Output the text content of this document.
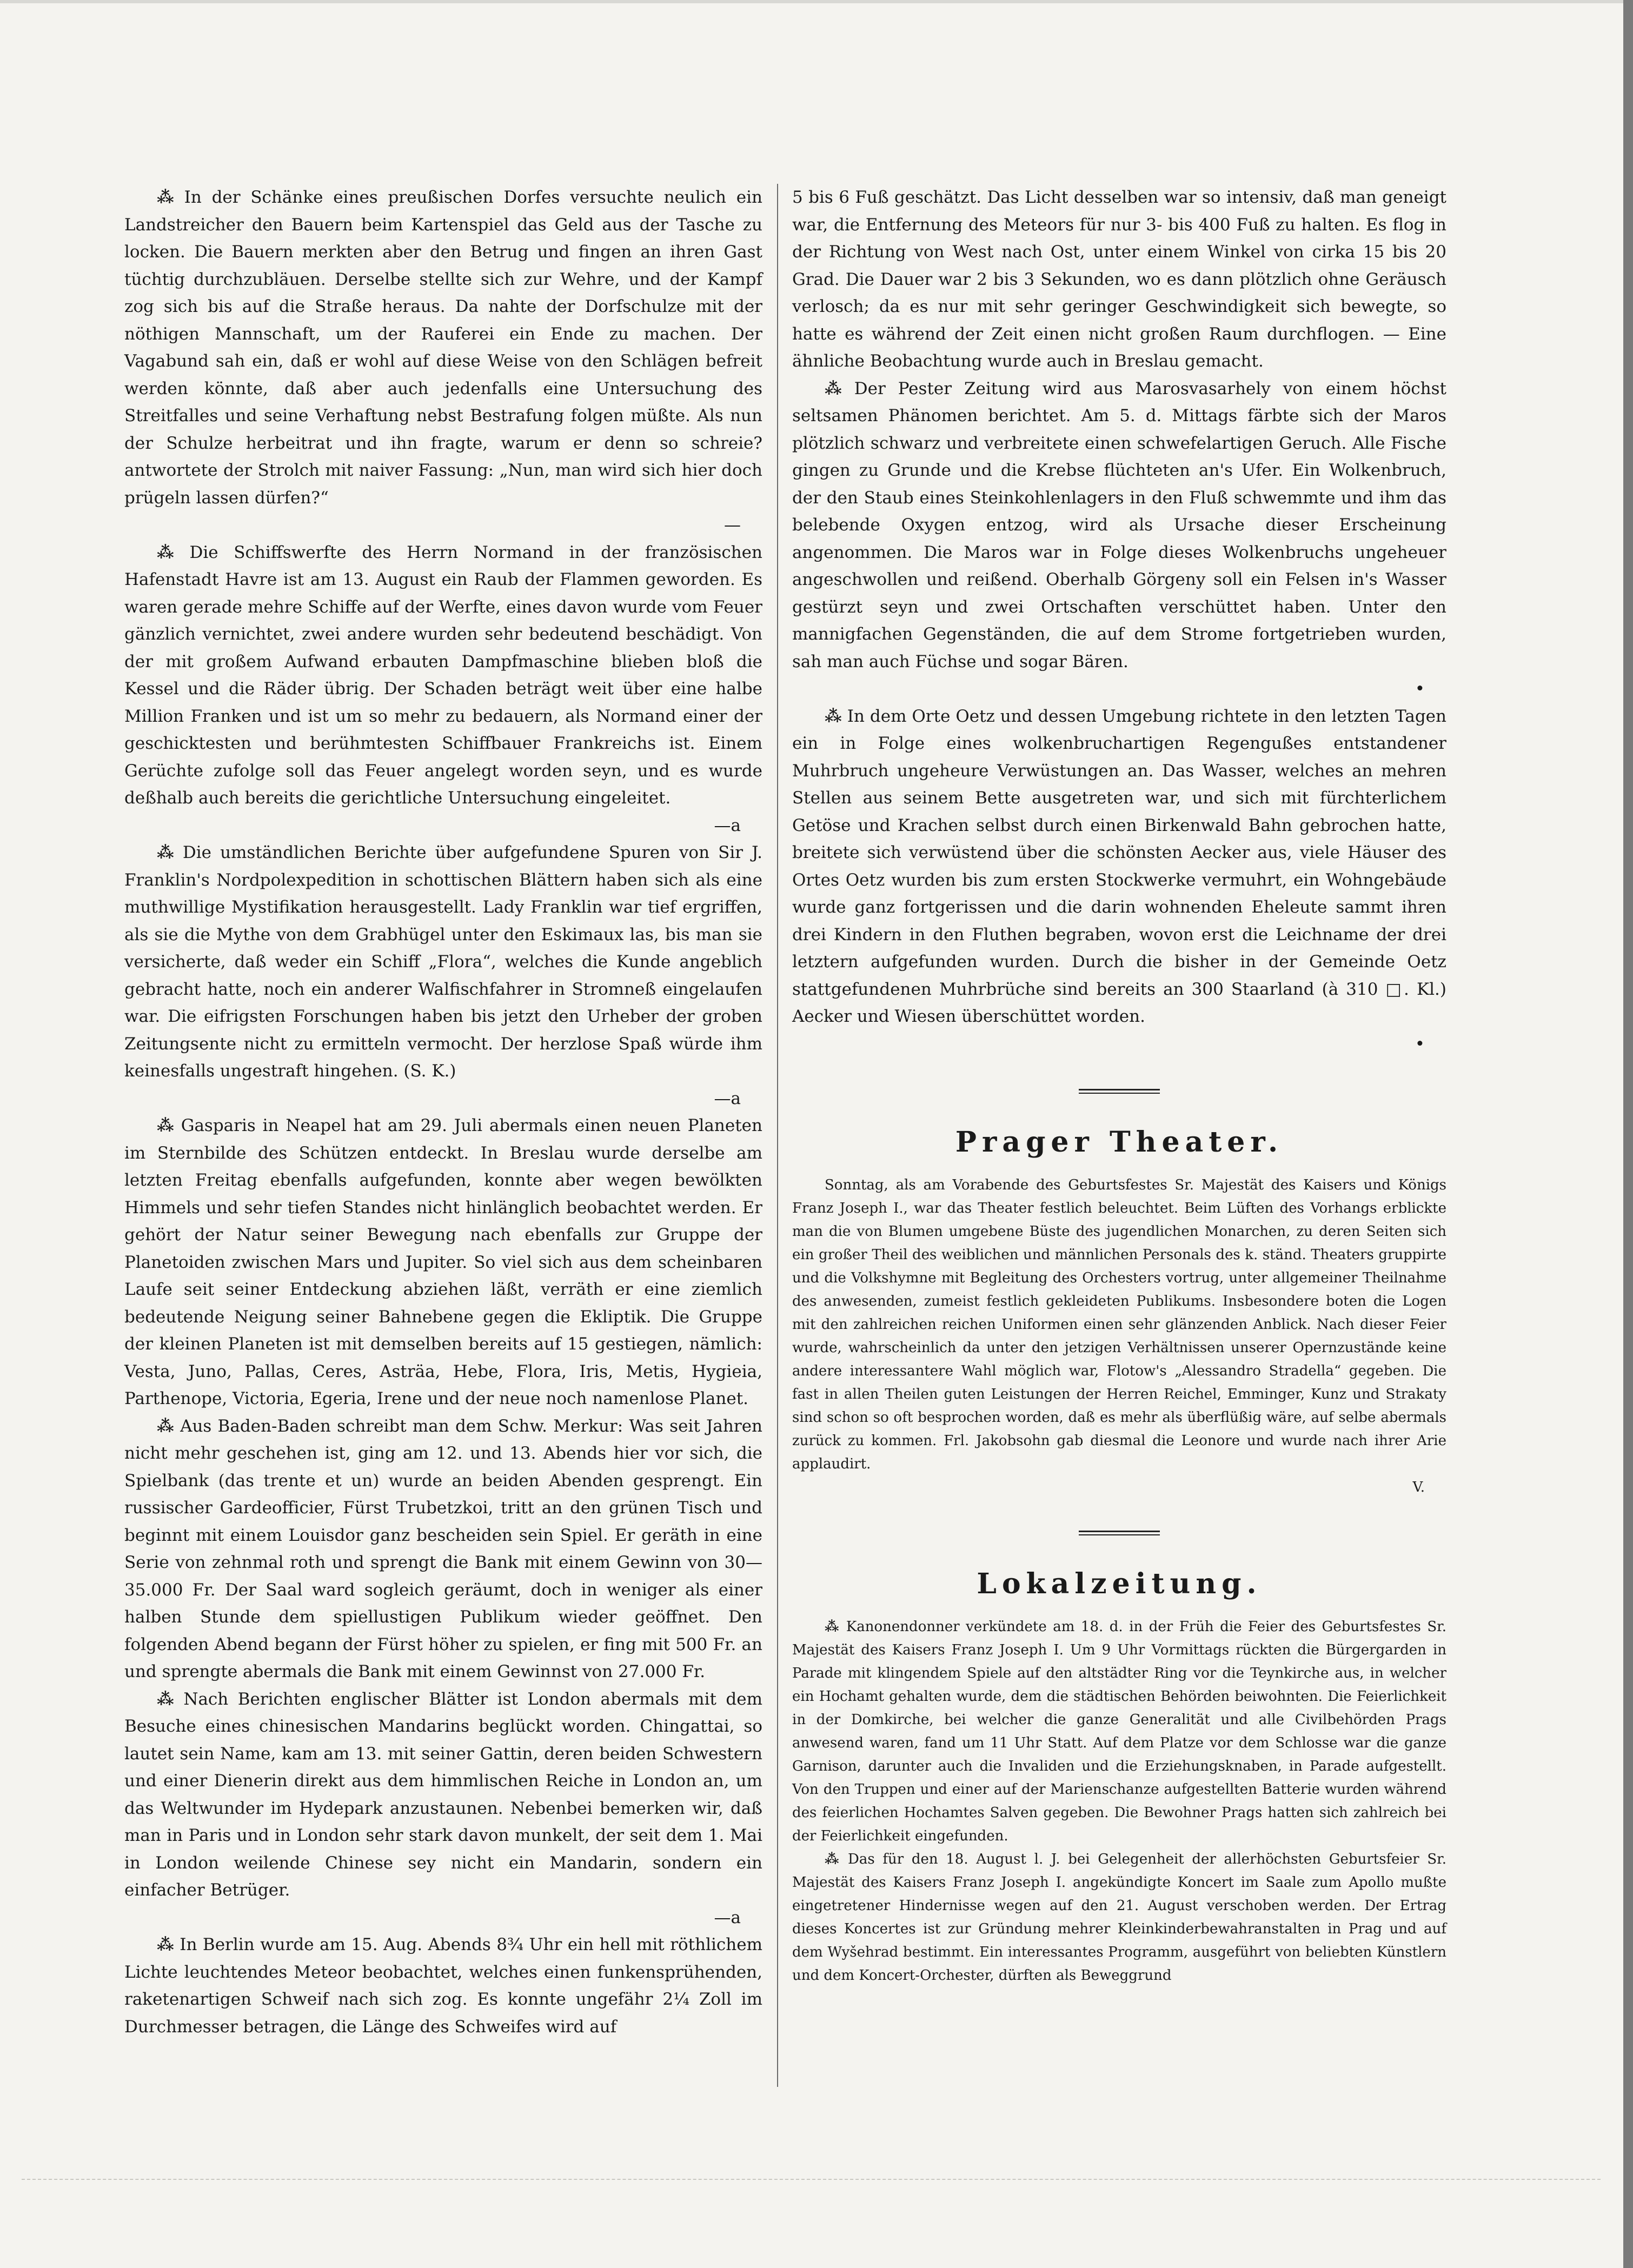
⁂ In der Schänke eines preußischen Dorfes versuchte neulich ein Landstreicher den Bauern beim Kartenspiel das Geld aus der Tasche zu locken. Die Bauern merkten aber den Betrug und fingen an ihren Gast tüchtig durchzubläuen. Derselbe stellte sich zur Wehre, und der Kampf zog sich bis auf die Straße heraus. Da nahte der Dorfschulze mit der nöthigen Mannschaft, um der Rauferei ein Ende zu machen. Der Vagabund sah ein, daß er wohl auf diese Weise von den Schlägen befreit werden könnte, daß aber auch jedenfalls eine Untersuchung des Streitfalles und seine Verhaftung nebst Bestrafung folgen müßte. Als nun der Schulze herbeitrat und ihn fragte, warum er denn so schreie? antwortete der Strolch mit naiver Fassung: „Nun, man wird sich hier doch prügeln lassen dürfen?“
—

⁂ Die Schiffswerfte des Herrn Normand in der französischen Hafenstadt Havre ist am 13. August ein Raub der Flammen geworden. Es waren gerade mehre Schiffe auf der Werfte, eines davon wurde vom Feuer gänzlich vernichtet, zwei andere wurden sehr bedeutend beschädigt. Von der mit großem Aufwand erbauten Dampfmaschine blieben bloß die Kessel und die Räder übrig. Der Schaden beträgt weit über eine halbe Million Franken und ist um so mehr zu bedauern, als Normand einer der geschicktesten und berühmtesten Schiffbauer Frankreichs ist. Einem Gerüchte zufolge soll das Feuer angelegt worden seyn, und es wurde deßhalb auch bereits die gerichtliche Untersuchung eingeleitet.
—a

⁂ Die umständlichen Berichte über aufgefundene Spuren von Sir J. Franklin's Nordpolexpedition in schottischen Blättern haben sich als eine muthwillige Mystifikation herausgestellt. Lady Franklin war tief ergriffen, als sie die Mythe von dem Grabhügel unter den Eskimaux las, bis man sie versicherte, daß weder ein Schiff „Flora“, welches die Kunde angeblich gebracht hatte, noch ein anderer Walfischfahrer in Stromneß eingelaufen war. Die eifrigsten Forschungen haben bis jetzt den Urheber der groben Zeitungsente nicht zu ermitteln vermocht. Der herzlose Spaß würde ihm keinesfalls ungestraft hingehen. (S. K.)
—a

⁂ Gasparis in Neapel hat am 29. Juli abermals einen neuen Planeten im Sternbilde des Schützen entdeckt. In Breslau wurde derselbe am letzten Freitag ebenfalls aufgefunden, konnte aber wegen bewölkten Himmels und sehr tiefen Standes nicht hinlänglich beobachtet werden. Er gehört der Natur seiner Bewegung nach ebenfalls zur Gruppe der Planetoiden zwischen Mars und Jupiter. So viel sich aus dem scheinbaren Laufe seit seiner Entdeckung abziehen läßt, verräth er eine ziemlich bedeutende Neigung seiner Bahnebene gegen die Ekliptik. Die Gruppe der kleinen Planeten ist mit demselben bereits auf 15 gestiegen, nämlich: Vesta, Juno, Pallas, Ceres, Asträa, Hebe, Flora, Iris, Metis, Hygieia, Parthenope, Victoria, Egeria, Irene und der neue noch namenlose Planet.

⁂ Aus Baden-Baden schreibt man dem Schw. Merkur: Was seit Jahren nicht mehr geschehen ist, ging am 12. und 13. Abends hier vor sich, die Spielbank (das trente et un) wurde an beiden Abenden gesprengt. Ein russischer Gardeofficier, Fürst Trubetzkoi, tritt an den grünen Tisch und beginnt mit einem Louisdor ganz bescheiden sein Spiel. Er geräth in eine Serie von zehnmal roth und sprengt die Bank mit einem Gewinn von 30—35.000 Fr. Der Saal ward sogleich geräumt, doch in weniger als einer halben Stunde dem spiellustigen Publikum wieder geöffnet. Den folgenden Abend begann der Fürst höher zu spielen, er fing mit 500 Fr. an und sprengte abermals die Bank mit einem Gewinnst von 27.000 Fr.

⁂ Nach Berichten englischer Blätter ist London abermals mit dem Besuche eines chinesischen Mandarins beglückt worden. Chingattai, so lautet sein Name, kam am 13. mit seiner Gattin, deren beiden Schwestern und einer Dienerin direkt aus dem himmlischen Reiche in London an, um das Weltwunder im Hydepark anzustaunen. Nebenbei bemerken wir, daß man in Paris und in London sehr stark davon munkelt, der seit dem 1. Mai in London weilende Chinese sey nicht ein Mandarin, sondern ein einfacher Betrüger.
—a

⁂ In Berlin wurde am 15. Aug. Abends 8¾ Uhr ein hell mit röthlichem Lichte leuchtendes Meteor beobachtet, welches einen funkensprühenden, raketenartigen Schweif nach sich zog. Es konnte ungefähr 2¼ Zoll im Durchmesser betragen, die Länge des Schweifes wird auf

5 bis 6 Fuß geschätzt. Das Licht desselben war so intensiv, daß man geneigt war, die Entfernung des Meteors für nur 3- bis 400 Fuß zu halten. Es flog in der Richtung von West nach Ost, unter einem Winkel von cirka 15 bis 20 Grad. Die Dauer war 2 bis 3 Sekunden, wo es dann plötzlich ohne Geräusch verlosch; da es nur mit sehr geringer Geschwindigkeit sich bewegte, so hatte es während der Zeit einen nicht großen Raum durchflogen. — Eine ähnliche Beobachtung wurde auch in Breslau gemacht.

⁂ Der Pester Zeitung wird aus Marosvasarhely von einem höchst seltsamen Phänomen berichtet. Am 5. d. Mittags färbte sich der Maros plötzlich schwarz und verbreitete einen schwefelartigen Geruch. Alle Fische gingen zu Grunde und die Krebse flüchteten an's Ufer. Ein Wolkenbruch, der den Staub eines Steinkohlenlagers in den Fluß schwemmte und ihm das belebende Oxygen entzog, wird als Ursache dieser Erscheinung angenommen. Die Maros war in Folge dieses Wolkenbruchs ungeheuer angeschwollen und reißend. Oberhalb Görgeny soll ein Felsen in's Wasser gestürzt seyn und zwei Ortschaften verschüttet haben. Unter den mannigfachen Gegenständen, die auf dem Strome fortgetrieben wurden, sah man auch Füchse und sogar Bären.
•

⁂ In dem Orte Oetz und dessen Umgebung richtete in den letzten Tagen ein in Folge eines wolkenbruchartigen Regengußes entstandener Muhrbruch ungeheure Verwüstungen an. Das Wasser, welches an mehren Stellen aus seinem Bette ausgetreten war, und sich mit fürchterlichem Getöse und Krachen selbst durch einen Birkenwald Bahn gebrochen hatte, breitete sich verwüstend über die schönsten Aecker aus, viele Häuser des Ortes Oetz wurden bis zum ersten Stockwerke vermuhrt, ein Wohngebäude wurde ganz fortgerissen und die darin wohnenden Eheleute sammt ihren drei Kindern in den Fluthen begraben, wovon erst die Leichname der drei letztern aufgefunden wurden. Durch die bisher in der Gemeinde Oetz stattgefundenen Muhrbrüche sind bereits an 300 Staarland (à 310 □. Kl.) Aecker und Wiesen überschüttet worden.
•

Prager Theater.

Sonntag, als am Vorabende des Geburtsfestes Sr. Majestät des Kaisers und Königs Franz Joseph I., war das Theater festlich beleuchtet. Beim Lüften des Vorhangs erblickte man die von Blumen umgebene Büste des jugendlichen Monarchen, zu deren Seiten sich ein großer Theil des weiblichen und männlichen Personals des k. ständ. Theaters gruppirte und die Volkshymne mit Begleitung des Orchesters vortrug, unter allgemeiner Theilnahme des anwesenden, zumeist festlich gekleideten Publikums. Insbesondere boten die Logen mit den zahlreichen reichen Uniformen einen sehr glänzenden Anblick. Nach dieser Feier wurde, wahrscheinlich da unter den jetzigen Verhältnissen unserer Opernzustände keine andere interessantere Wahl möglich war, Flotow's „Alessandro Stradella“ gegeben. Die fast in allen Theilen guten Leistungen der Herren Reichel, Emminger, Kunz und Strakaty sind schon so oft besprochen worden, daß es mehr als überflüßig wäre, auf selbe abermals zurück zu kommen. Frl. Jakobsohn gab diesmal die Leonore und wurde nach ihrer Arie applaudirt.
V.

Lokalzeitung.

⁂ Kanonendonner verkündete am 18. d. in der Früh die Feier des Geburtsfestes Sr. Majestät des Kaisers Franz Joseph I. Um 9 Uhr Vormittags rückten die Bürgergarden in Parade mit klingendem Spiele auf den altstädter Ring vor die Teynkirche aus, in welcher ein Hochamt gehalten wurde, dem die städtischen Behörden beiwohnten. Die Feierlichkeit in der Domkirche, bei welcher die ganze Generalität und alle Civilbehörden Prags anwesend waren, fand um 11 Uhr Statt. Auf dem Platze vor dem Schlosse war die ganze Garnison, darunter auch die Invaliden und die Erziehungsknaben, in Parade aufgestellt. Von den Truppen und einer auf der Marienschanze aufgestellten Batterie wurden während des feierlichen Hochamtes Salven gegeben. Die Bewohner Prags hatten sich zahlreich bei der Feierlichkeit eingefunden.

⁂ Das für den 18. August l. J. bei Gelegenheit der allerhöchsten Geburtsfeier Sr. Majestät des Kaisers Franz Joseph I. angekündigte Koncert im Saale zum Apollo mußte eingetretener Hindernisse wegen auf den 21. August verschoben werden. Der Ertrag dieses Koncertes ist zur Gründung mehrer Kleinkinderbewahranstalten in Prag und auf dem Wyšehrad bestimmt. Ein interessantes Programm, ausgeführt von beliebten Künstlern und dem Koncert-Orchester, dürften als Beweggrund
